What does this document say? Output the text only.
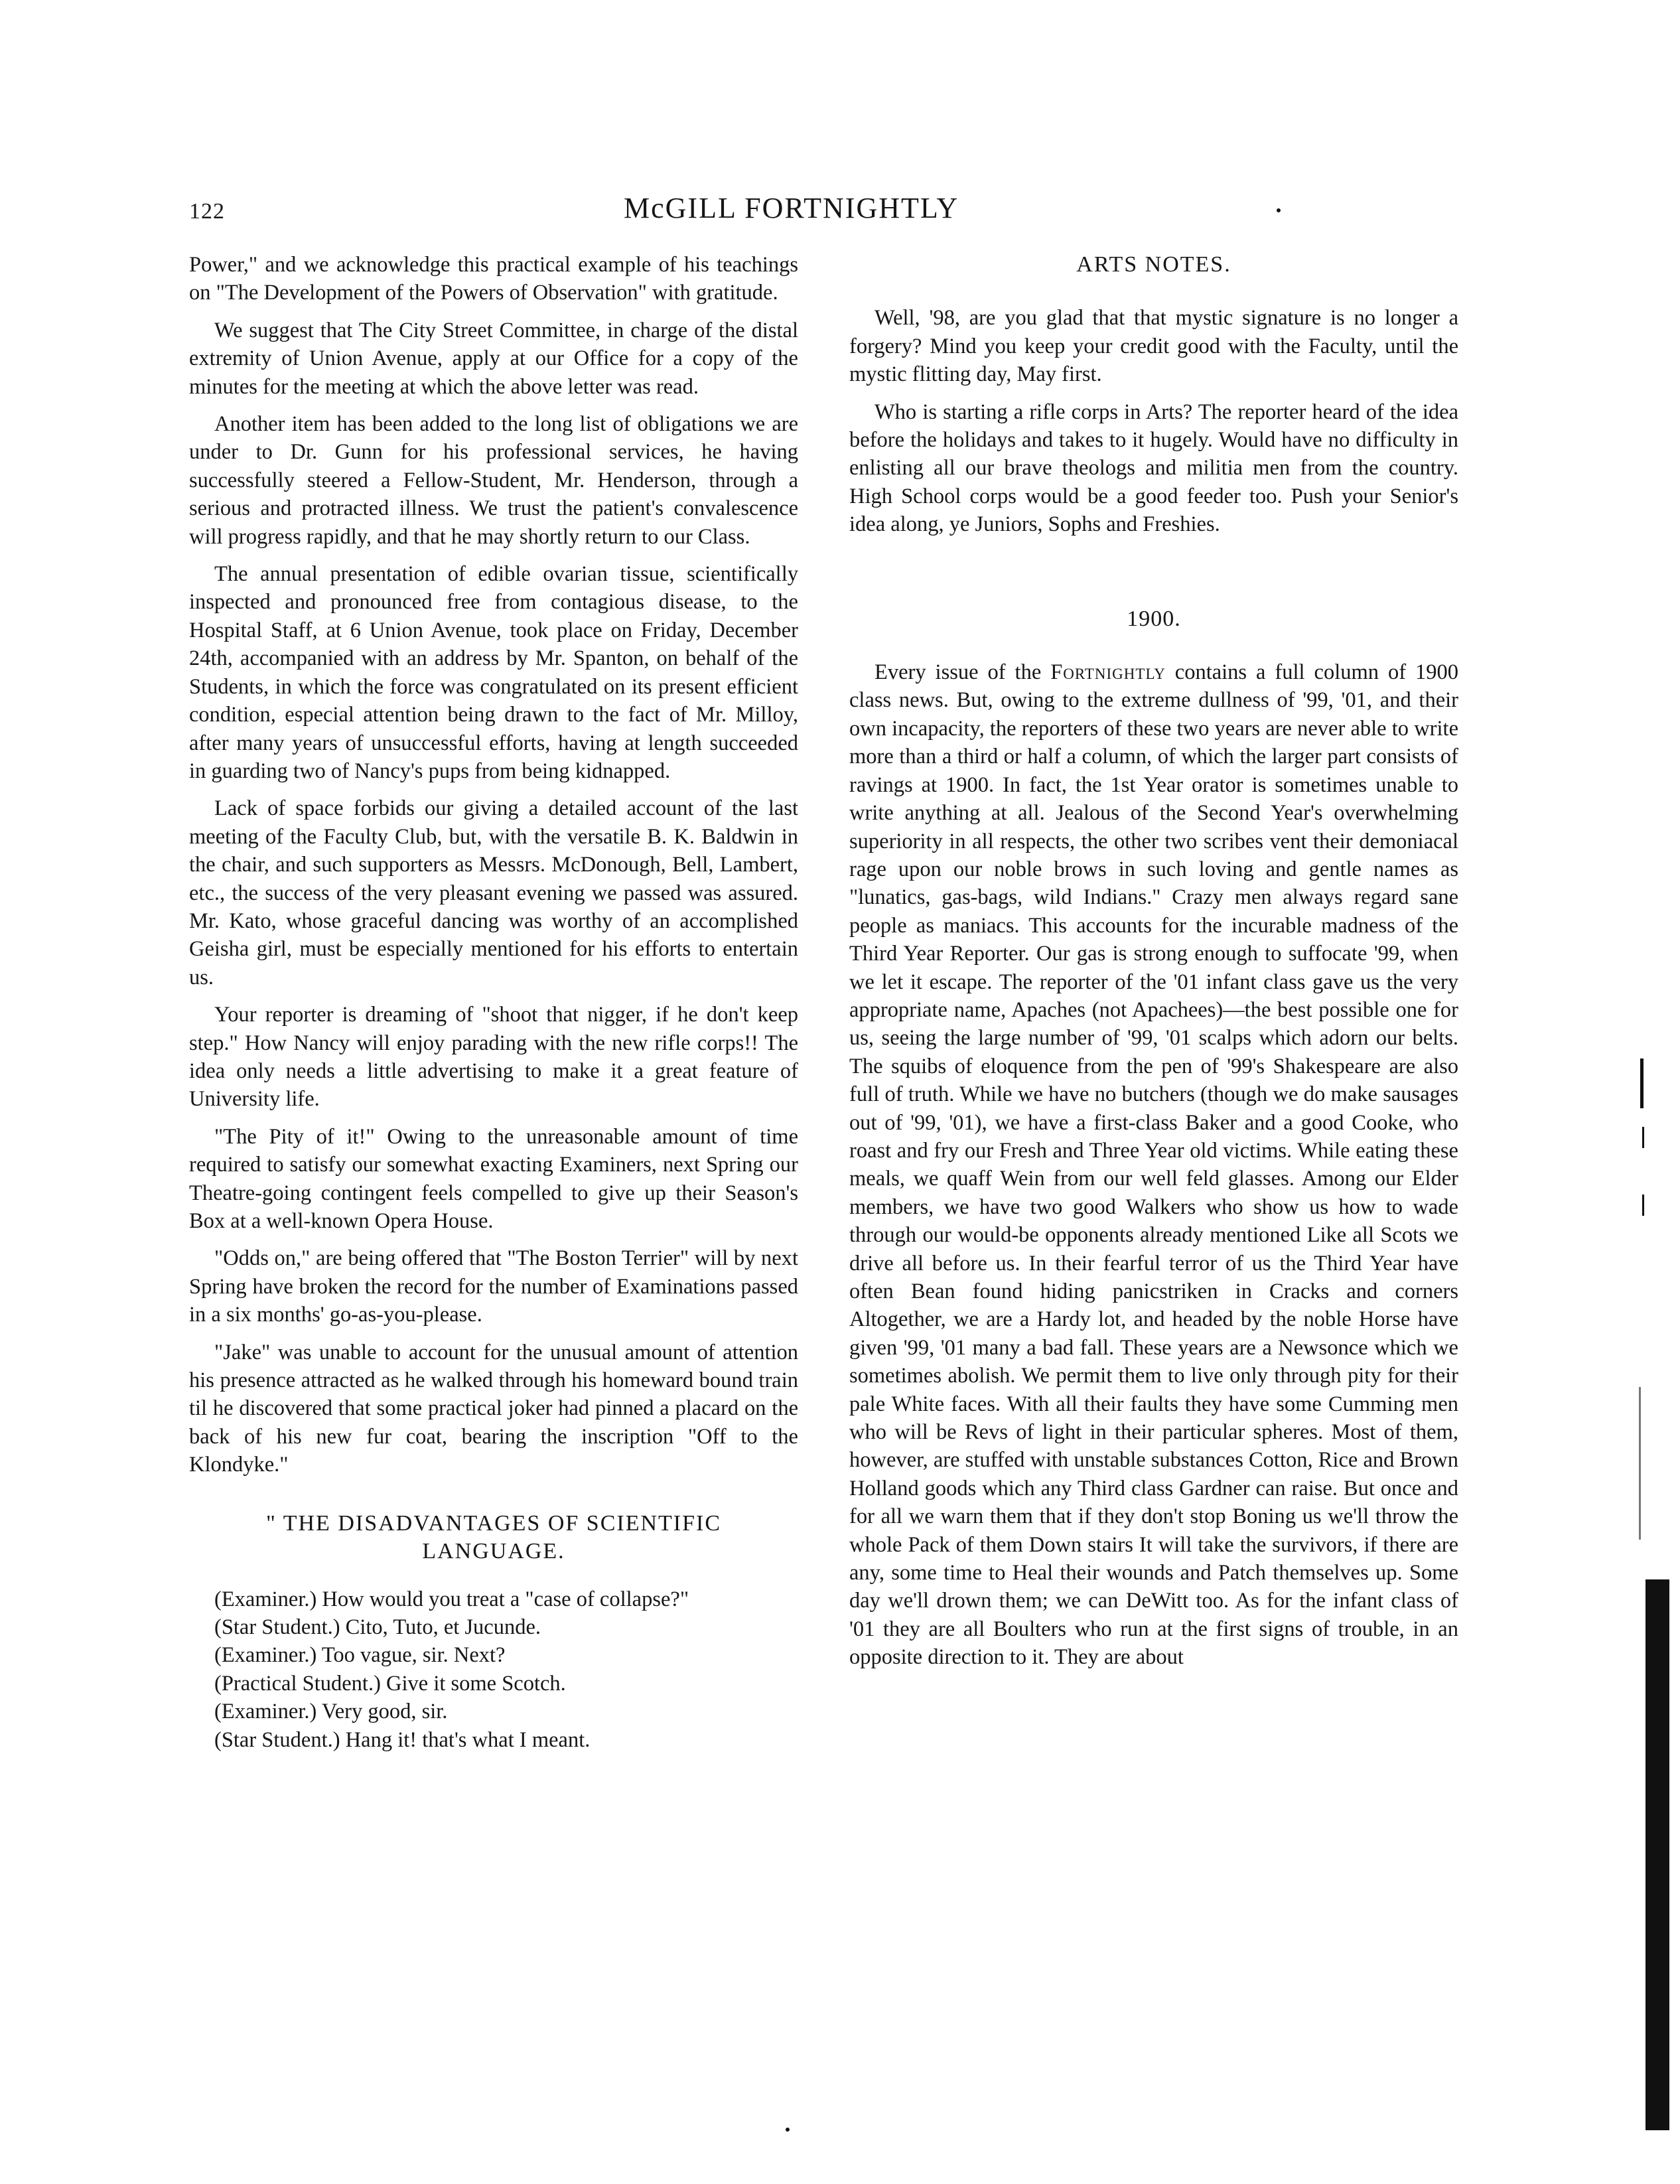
122	McGILL FORTNIGHTLY

Power," and we acknowledge this practical example of his teachings on "The Development of the Powers of Observation" with gratitude.

We suggest that The City Street Committee, in charge of the distal extremity of Union Avenue, apply at our Office for a copy of the minutes for the meeting at which the above letter was read.

Another item has been added to the long list of obligations we are under to Dr. Gunn for his professional services, he having successfully steered a Fellow-Student, Mr. Henderson, through a serious and protracted illness. We trust the patient's convalescence will progress rapidly, and that he may shortly return to our Class.

The annual presentation of edible ovarian tissue, scientifically inspected and pronounced free from contagious disease, to the Hospital Staff, at 6 Union Avenue, took place on Friday, December 24th, accompanied with an address by Mr. Spanton, on behalf of the Students, in which the force was congratulated on its present efficient condition, especial attention being drawn to the fact of Mr. Milloy, after many years of unsuccessful efforts, having at length succeeded in guarding two of Nancy's pups from being kidnapped.

Lack of space forbids our giving a detailed account of the last meeting of the Faculty Club, but, with the versatile B. K. Baldwin in the chair, and such supporters as Messrs. McDonough, Bell, Lambert, etc., the success of the very pleasant evening we passed was assured. Mr. Kato, whose graceful dancing was worthy of an accomplished Geisha girl, must be especially mentioned for his efforts to entertain us.

Your reporter is dreaming of "shoot that nigger, if he don't keep step." How Nancy will enjoy parading with the new rifle corps!! The idea only needs a little advertising to make it a great feature of University life.

"The Pity of it!" Owing to the unreasonable amount of time required to satisfy our somewhat exacting Examiners, next Spring our Theatre-going contingent feels compelled to give up their Season's Box at a well-known Opera House.

"Odds on," are being offered that "The Boston Terrier" will by next Spring have broken the record for the number of Examinations passed in a six months' go-as-you-please.

"Jake" was unable to account for the unusual amount of attention his presence attracted as he walked through his homeward bound train til he discovered that some practical joker had pinned a placard on the back of his new fur coat, bearing the inscription "Off to the Klondyke."

" THE DISADVANTAGES OF SCIENTIFIC
LANGUAGE.

(Examiner.) How would you treat a "case of collapse?"

(Star Student.) Cito, Tuto, et Jucunde.

(Examiner.) Too vague, sir. Next?

(Practical Student.) Give it some Scotch.

(Examiner.) Very good, sir.

(Star Student.) Hang it! that's what I meant.

ARTS NOTES.

Well, '98, are you glad that that mystic signature is no longer a forgery? Mind you keep your credit good with the Faculty, until the mystic flitting day, May first.

Who is starting a rifle corps in Arts? The reporter heard of the idea before the holidays and takes to it hugely. Would have no difficulty in enlisting all our brave theologs and militia men from the country. High School corps would be a good feeder too. Push your Senior's idea along, ye Juniors, Sophs and Freshies.

1900.

Every issue of the Fortnightly contains a full column of 1900 class news. But, owing to the extreme dullness of '99, '01, and their own incapacity, the reporters of these two years are never able to write more than a third or half a column, of which the larger part consists of ravings at 1900. In fact, the 1st Year orator is sometimes unable to write anything at all. Jealous of the Second Year's overwhelming superiority in all respects, the other two scribes vent their demoniacal rage upon our noble brows in such loving and gentle names as "lunatics, gas-bags, wild Indians." Crazy men always regard sane people as maniacs. This accounts for the incurable madness of the Third Year Reporter. Our gas is strong enough to suffocate '99, when we let it escape. The reporter of the '01 infant class gave us the very appropriate name, Apaches (not Apachees)—the best possible one for us, seeing the large number of '99, '01 scalps which adorn our belts. The squibs of eloquence from the pen of '99's Shakespeare are also full of truth. While we have no butchers (though we do make sausages out of '99, '01), we have a first-class Baker and a good Cooke, who roast and fry our Fresh and Three Year old victims. While eating these meals, we quaff Wein from our well feld glasses. Among our Elder members, we have two good Walkers who show us how to wade through our would-be opponents already mentioned Like all Scots we drive all before us. In their fearful terror of us the Third Year have often Bean found hiding panicstriken in Cracks and corners Altogether, we are a Hardy lot, and headed by the noble Horse have given '99, '01 many a bad fall. These years are a Newsonce which we sometimes abolish. We permit them to live only through pity for their pale White faces. With all their faults they have some Cumming men who will be Revs of light in their particular spheres. Most of them, however, are stuffed with unstable substances Cotton, Rice and Brown Holland goods which any Third class Gardner can raise. But once and for all we warn them that if they don't stop Boning us we'll throw the whole Pack of them Down stairs It will take the survivors, if there are any, some time to Heal their wounds and Patch themselves up. Some day we'll drown them; we can DeWitt too. As for the infant class of '01 they are all Boulters who run at the first signs of trouble, in an opposite direction to it. They are about
